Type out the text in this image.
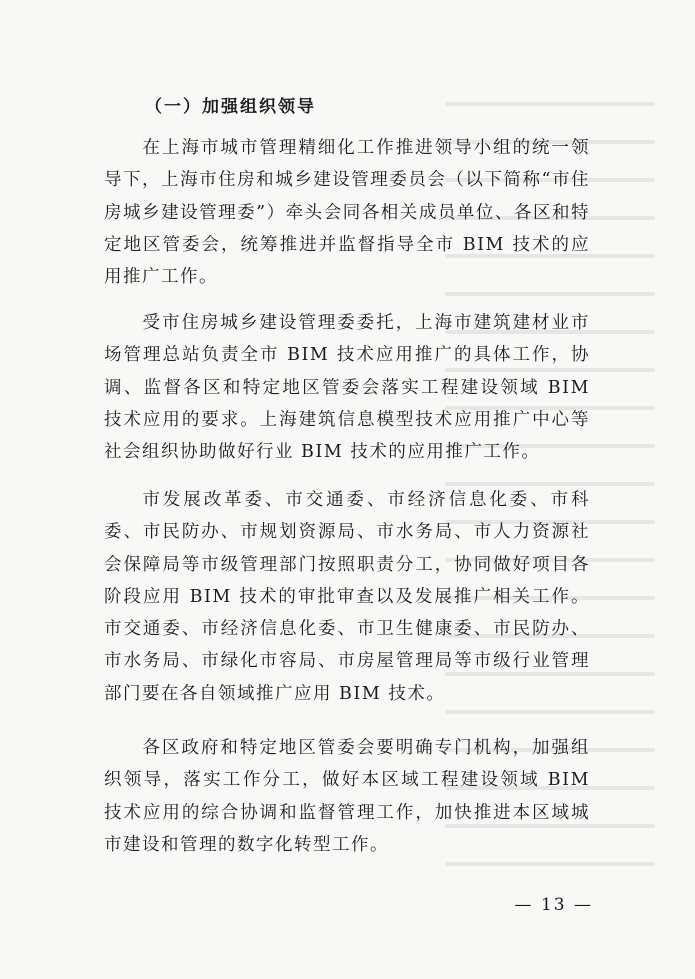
（一）加强组织领导

在上海市城市管理精细化工作推进领导小组的统一领导下，上海市住房和城乡建设管理委员会（以下简称“市住房城乡建设管理委”）牵头会同各相关成员单位、各区和特定地区管委会，统筹推进并监督指导全市 BIM 技术的应用推广工作。

受市住房城乡建设管理委委托，上海市建筑建材业市场管理总站负责全市 BIM 技术应用推广的具体工作，协调、监督各区和特定地区管委会落实工程建设领域 BIM 技术应用的要求。上海建筑信息模型技术应用推广中心等社会组织协助做好行业 BIM 技术的应用推广工作。

市发展改革委、市交通委、市经济信息化委、市科委、市民防办、市规划资源局、市水务局、市人力资源社会保障局等市级管理部门按照职责分工，协同做好项目各阶段应用 BIM 技术的审批审查以及发展推广相关工作。市交通委、市经济信息化委、市卫生健康委、市民防办、市水务局、市绿化市容局、市房屋管理局等市级行业管理部门要在各自领域推广应用 BIM 技术。

各区政府和特定地区管委会要明确专门机构，加强组织领导，落实工作分工，做好本区域工程建设领域 BIM 技术应用的综合协调和监督管理工作，加快推进本区域城市建设和管理的数字化转型工作。

— 13 —
